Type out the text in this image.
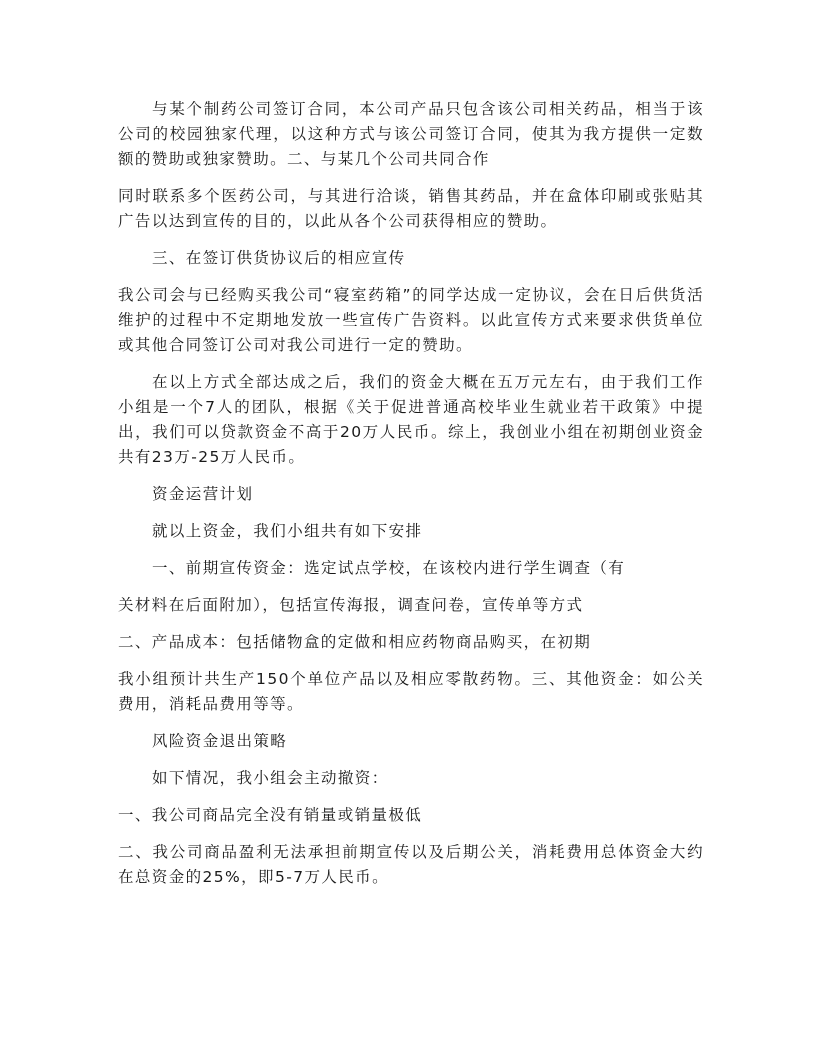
与某个制药公司签订合同，本公司产品只包含该公司相关药品，相当于该公司的校园独家代理，以这种方式与该公司签订合同，使其为我方提供一定数额的赞助或独家赞助。二、与某几个公司共同合作

同时联系多个医药公司，与其进行洽谈，销售其药品，并在盒体印刷或张贴其广告以达到宣传的目的，以此从各个公司获得相应的赞助。

三、在签订供货协议后的相应宣传

我公司会与已经购买我公司“寝室药箱”的同学达成一定协议，会在日后供货活维护的过程中不定期地发放一些宣传广告资料。以此宣传方式来要求供货单位或其他合同签订公司对我公司进行一定的赞助。

在以上方式全部达成之后，我们的资金大概在五万元左右，由于我们工作小组是一个7人的团队，根据《关于促进普通高校毕业生就业若干政策》中提出，我们可以贷款资金不高于20万人民币。综上，我创业小组在初期创业资金共有23万-25万人民币。

资金运营计划

就以上资金，我们小组共有如下安排

一、前期宣传资金：选定试点学校，在该校内进行学生调查（有

关材料在后面附加），包括宣传海报，调查问卷，宣传单等方式

二、产品成本：包括储物盒的定做和相应药物商品购买，在初期

我小组预计共生产150个单位产品以及相应零散药物。三、其他资金：如公关费用，消耗品费用等等。

风险资金退出策略

如下情况，我小组会主动撤资：

一、我公司商品完全没有销量或销量极低

二、我公司商品盈利无法承担前期宣传以及后期公关，消耗费用总体资金大约在总资金的25%，即5-7万人民币。
